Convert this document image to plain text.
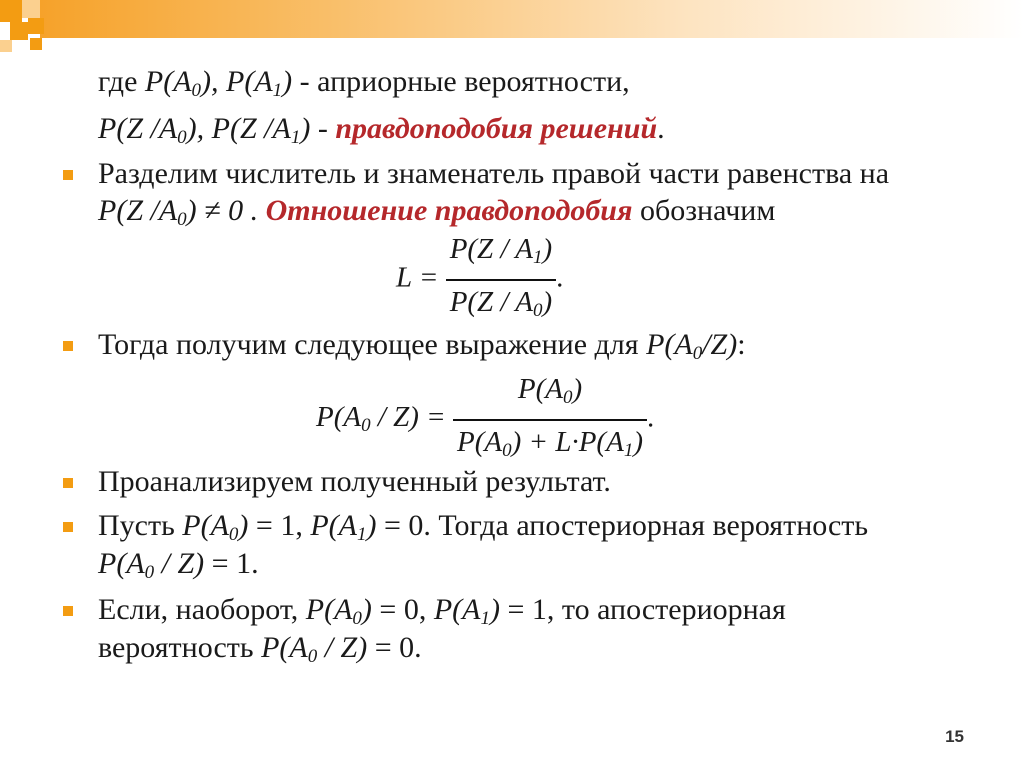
где $P(A_0)$, $P(A_1)$ - априорные вероятности,
P(Z $/A_0$), P(Z $/A_1$) - правдоподобия решений.
Разделим числитель и знаменатель правой части равенства на
P(Z $/A_0) \ne 0$ . Отношение правдоподобия обозначим
$L = \frac{P(Z / A_1)}{P(Z / A_0)}$ .
Тогда получим следующее выражение для $P(A_0/Z)$:
$P(A_0 / Z) = \frac{P(A_0)}{P(A_0) + L\cdot P(A_1)}$ .
Проанализируем полученный результат.
Пусть $P(A_0) = 1$, $P(A_1) = 0$. Тогда апостериорная вероятность
$P(A_0 / Z) = 1$.
Если, наоборот, $P(A_0) = 0$, $P(A_1) = 1$, то апостериорная
вероятность $P(A_0 / Z) = 0$.
15
